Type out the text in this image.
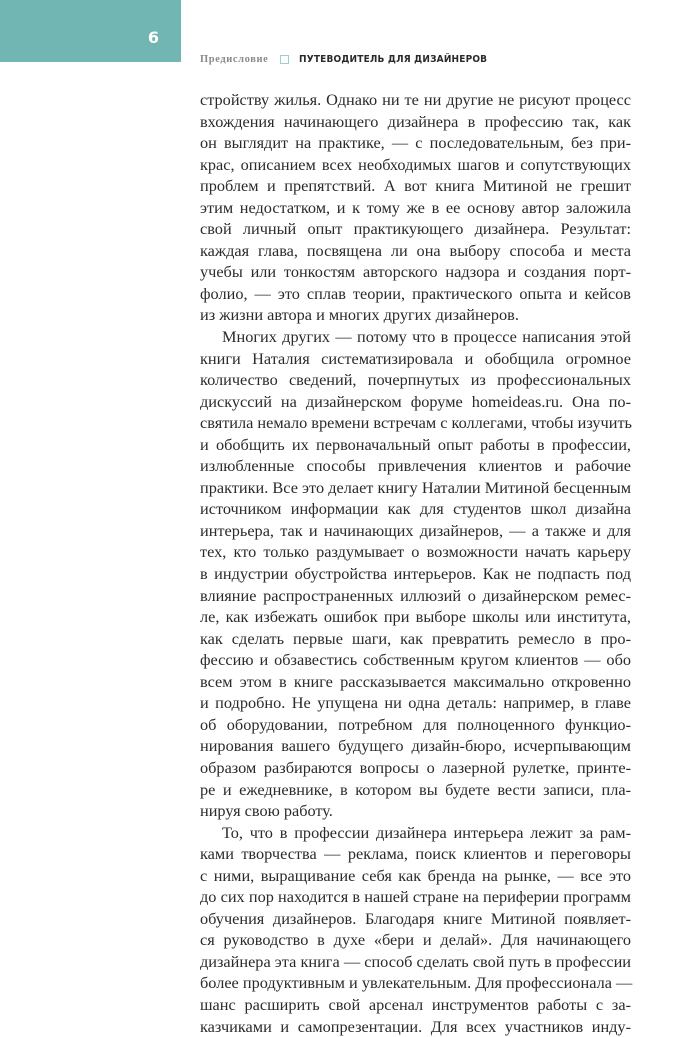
6
Предисловие	ПУТЕВОДИТЕЛЬ ДЛЯ ДИЗАЙНЕРОВ
стройству жилья. Однако ни те ни другие не рисуют процесс
вхождения начинающего дизайнера в профессию так, как
он выглядит на практике, — с последовательным, без при-
крас, описанием всех необходимых шагов и сопутствующих
проблем и препятствий. А вот книга Митиной не грешит
этим недостатком, и к тому же в ее основу автор заложила
свой личный опыт практикующего дизайнера. Результат:
каждая глава, посвящена ли она выбору способа и места
учебы или тонкостям авторского надзора и создания порт-
фолио, — это сплав теории, практического опыта и кейсов
из жизни автора и многих других дизайнеров.
Многих других — потому что в процессе написания этой
книги Наталия систематизировала и обобщила огромное
количество сведений, почерпнутых из профессиональных
дискуссий на дизайнерском форуме homeideas.ru. Она по-
святила немало времени встречам с коллегами, чтобы изучить
и обобщить их первоначальный опыт работы в профессии,
излюбленные способы привлечения клиентов и рабочие
практики. Все это делает книгу Наталии Митиной бесценным
источником информации как для студентов школ дизайна
интерьера, так и начинающих дизайнеров, — а также и для
тех, кто только раздумывает о возможности начать карьеру
в индустрии обустройства интерьеров. Как не подпасть под
влияние распространенных иллюзий о дизайнерском ремес-
ле, как избежать ошибок при выборе школы или института,
как сделать первые шаги, как превратить ремесло в про-
фессию и обзавестись собственным кругом клиентов — обо
всем этом в книге рассказывается максимально откровенно
и подробно. Не упущена ни одна деталь: например, в главе
об оборудовании, потребном для полноценного функцио-
нирования вашего будущего дизайн-бюро, исчерпывающим
образом разбираются вопросы о лазерной рулетке, принте-
ре и ежедневнике, в котором вы будете вести записи, пла-
нируя свою работу.
То, что в профессии дизайнера интерьера лежит за рам-
ками творчества — реклама, поиск клиентов и переговоры
с ними, выращивание себя как бренда на рынке, — все это
до сих пор находится в нашей стране на периферии программ
обучения дизайнеров. Благодаря книге Митиной появляет-
ся руководство в духе «бери и делай». Для начинающего
дизайнера эта книга — способ сделать свой путь в профессии
более продуктивным и увлекательным. Для профессионала —
шанс расширить свой арсенал инструментов работы с за-
казчиками и самопрезентации. Для всех участников инду-
